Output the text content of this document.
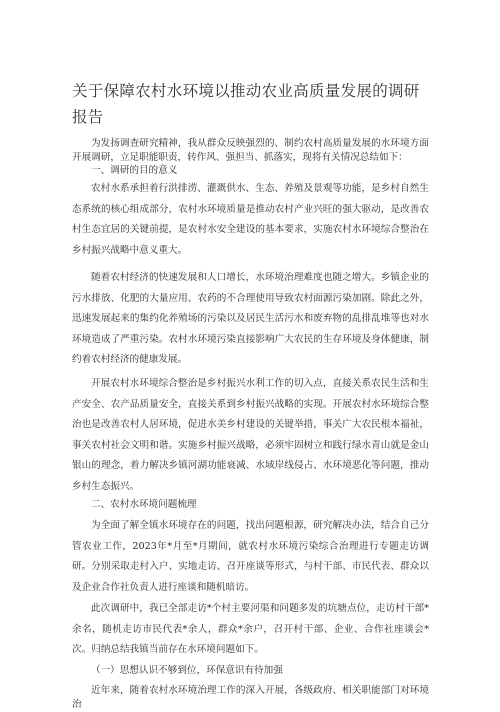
关于保障农村水环境以推动农业高质量发展的调研报告

为发扬调查研究精神，我从群众反映强烈的、制约农村高质量发展的水环境方面开展调研，立足职能职责，转作风、强担当、抓落实，现将有关情况总结如下：

一、调研的目的意义

农村水系承担着行洪排涝、灌溉供水、生态、养殖及景观等功能，是乡村自然生态系统的核心组成部分，农村水环境质量是推动农村产业兴旺的强大驱动，是改善农村生态宜居的关键前提，是农村水安全建设的基本要求，实施农村水环境综合整治在乡村振兴战略中意义重大。

随着农村经济的快速发展和人口增长，水环境治理难度也随之增大。乡镇企业的污水排放、化肥的大量应用、农药的不合理使用导致农村面源污染加剧。除此之外，迅速发展起来的集约化养殖场的污染以及居民生活污水和废弃物的乱排乱堆等也对水环境造成了严重污染。农村水环境污染直接影响广大农民的生存环境及身体健康，制约着农村经济的健康发展。

开展农村水环境综合整治是乡村振兴水利工作的切入点，直接关系农民生活和生产安全、农产品质量安全，直接关系到乡村振兴战略的实现。开展农村水环境综合整治也是改善农村人居环境，促进水美乡村建设的关键举措，事关广大农民根本福祉，事关农村社会文明和谐。实施乡村振兴战略，必须牢固树立和践行绿水青山就是金山银山的理念，着力解决乡镇河湖功能衰减、水域岸线侵占、水环境恶化等问题，推动乡村生态振兴。

二、农村水环境问题梳理

为全面了解全镇水环境存在的问题，找出问题根源，研究解决办法，结合自己分管农业工作，2023年*月至*月期间，就农村水环境污染综合治理进行专题走访调研。分别采取走村入户、实地走访、召开座谈等形式，与村干部、市民代表、群众以及企业合作社负责人进行座谈和随机暗访。

此次调研中，我已全部走访*个村主要河渠和问题多发的坑塘点位，走访村干部*余名，随机走访市民代表*余人，群众*余户，召开村干部、企业、合作社座谈会*次。归纳总结我镇当前存在水环境问题如下。

（一）思想认识不够到位，环保意识有待加强

近年来，随着农村水环境治理工作的深入开展，各级政府、相关职能部门对环境治
